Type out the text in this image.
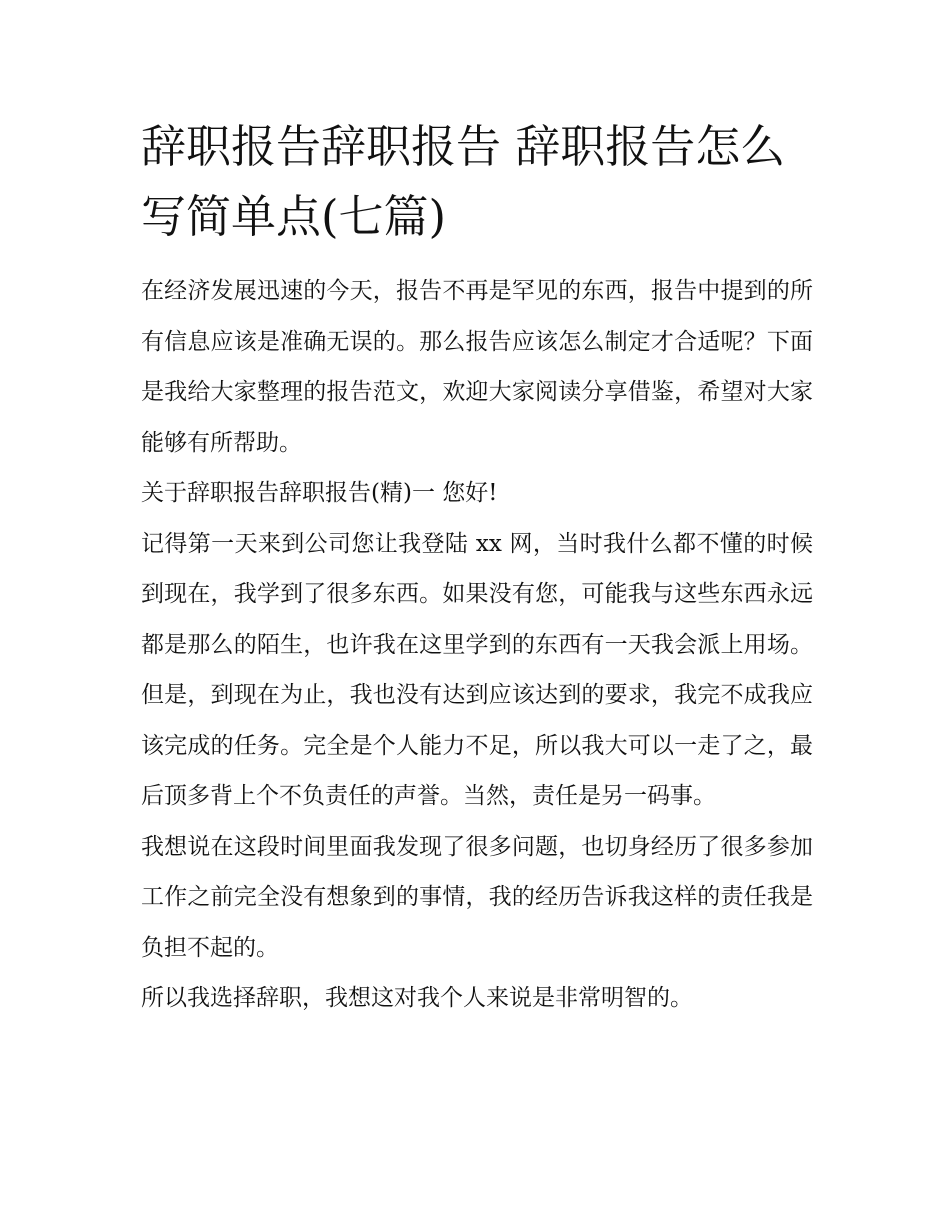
辞职报告辞职报告 辞职报告怎么写简单点(七篇)

在经济发展迅速的今天，报告不再是罕见的东西，报告中提到的所有信息应该是准确无误的。那么报告应该怎么制定才合适呢？下面是我给大家整理的报告范文，欢迎大家阅读分享借鉴，希望对大家能够有所帮助。

关于辞职报告辞职报告(精)一 您好!

记得第一天来到公司您让我登陆 xx 网，当时我什么都不懂的时候到现在，我学到了很多东西。如果没有您，可能我与这些东西永远都是那么的陌生，也许我在这里学到的东西有一天我会派上用场。但是，到现在为止，我也没有达到应该达到的要求，我完不成我应该完成的任务。完全是个人能力不足，所以我大可以一走了之，最后顶多背上个不负责任的声誉。当然，责任是另一码事。

我想说在这段时间里面我发现了很多问题，也切身经历了很多参加工作之前完全没有想象到的事情，我的经历告诉我这样的责任我是负担不起的。

所以我选择辞职，我想这对我个人来说是非常明智的。
